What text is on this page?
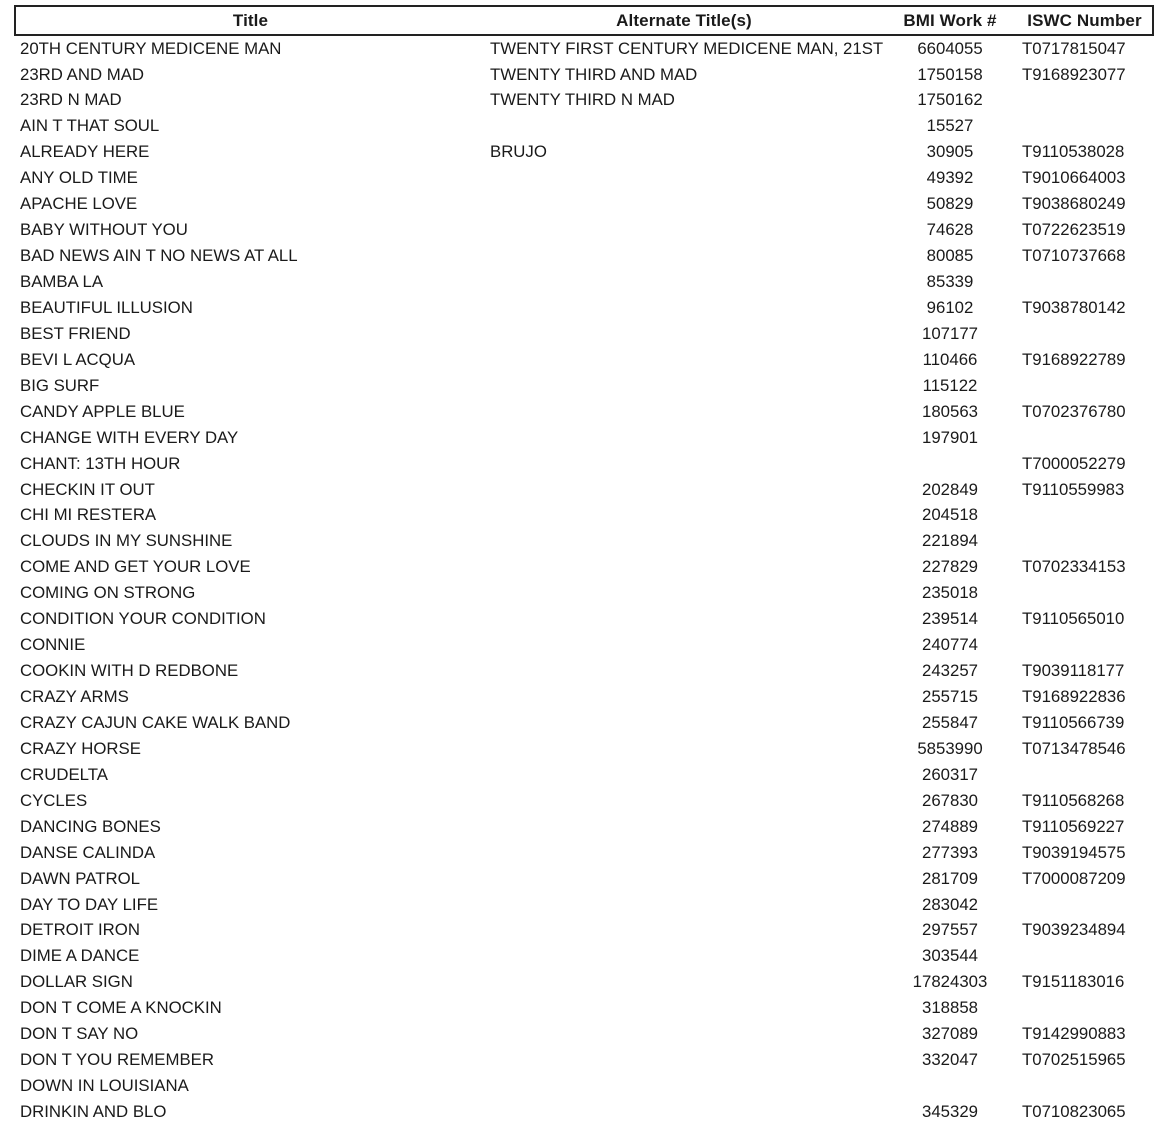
Title	Alternate Title(s)	BMI Work #	ISWC Number
20TH CENTURY MEDICENE MAN	TWENTY FIRST CENTURY MEDICENE MAN, 21ST	6604055	T0717815047
23RD AND MAD	TWENTY THIRD AND MAD	1750158	T9168923077
23RD N MAD	TWENTY THIRD N MAD	1750162	
AIN T THAT SOUL		15527	
ALREADY HERE	BRUJO	30905	T9110538028
ANY OLD TIME		49392	T9010664003
APACHE LOVE		50829	T9038680249
BABY WITHOUT YOU		74628	T0722623519
BAD NEWS AIN T NO NEWS AT ALL		80085	T0710737668
BAMBA LA		85339	
BEAUTIFUL ILLUSION		96102	T9038780142
BEST FRIEND		107177	
BEVI L ACQUA		110466	T9168922789
BIG SURF		115122	
CANDY APPLE BLUE		180563	T0702376780
CHANGE WITH EVERY DAY		197901	
CHANT: 13TH HOUR			T7000052279
CHECKIN IT OUT		202849	T9110559983
CHI MI RESTERA		204518	
CLOUDS IN MY SUNSHINE		221894	
COME AND GET YOUR LOVE		227829	T0702334153
COMING ON STRONG		235018	
CONDITION YOUR CONDITION		239514	T9110565010
CONNIE		240774	
COOKIN WITH D REDBONE		243257	T9039118177
CRAZY ARMS		255715	T9168922836
CRAZY CAJUN CAKE WALK BAND		255847	T9110566739
CRAZY HORSE		5853990	T0713478546
CRUDELTA		260317	
CYCLES		267830	T9110568268
DANCING BONES		274889	T9110569227
DANSE CALINDA		277393	T9039194575
DAWN PATROL		281709	T7000087209
DAY TO DAY LIFE		283042	
DETROIT IRON		297557	T9039234894
DIME A DANCE		303544	
DOLLAR SIGN		17824303	T9151183016
DON T COME A KNOCKIN		318858	
DON T SAY NO		327089	T9142990883
DON T YOU REMEMBER		332047	T0702515965
DOWN IN LOUISIANA			
DRINKIN AND BLO		345329	T0710823065
